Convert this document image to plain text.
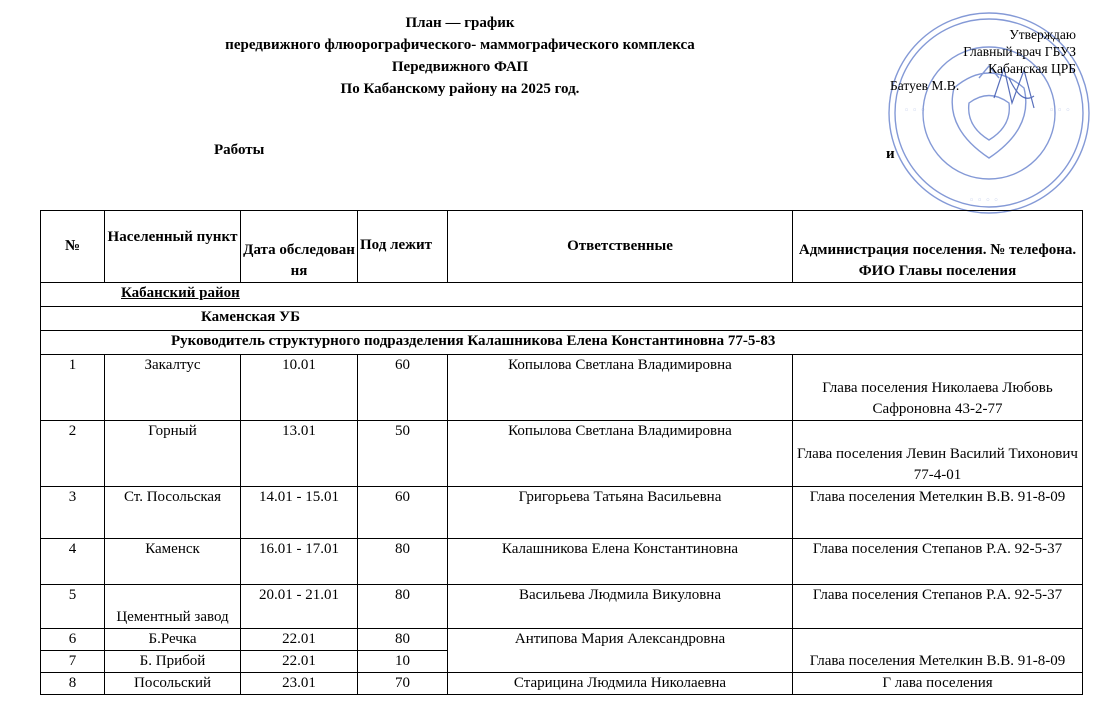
План — график
передвижного флюорографического- маммографического комплекса
Передвижного ФАП
По Кабанскому району на 2025 год.
Работы	и
◦ ◦ ◦	◦ ◦ ◦
◦ ◦ ◦ ◦
Утверждаю
Главный врач ГБУЗ
Кабанская ЦРБ
Батуев М.В.
№	Населенный пункт	Дата обследован ня	Под лежит	Ответственные	Администрация поселения. № телефона. ФИО Главы поселения
Кабанский район					
Каменская УБ					
Руководитель структурного подразделения Калашникова Елена Константиновна 77-5-83					
1	Закалтус	10.01	60	Копылова Светлана Владимировна	Глава поселения Николаева Любовь Сафроновна 43-2-77
2	Горный	13.01	50	Копылова Светлана Владимировна	Глава поселения Левин Василий Тихонович 77-4-01
3	Ст. Посольская	14.01 - 15.01	60	Григорьева Татьяна Васильевна	Глава поселения Метелкин В.В. 91-8-09
4	Каменск	16.01 - 17.01	80	Калашникова Елена Константиновна	Глава поселения Степанов Р.А. 92-5-37
5	Цементный завод	20.01 - 21.01	80	Васильева Людмила Викуловна	Глава поселения Степанов Р.А. 92-5-37
6	Б.Речка	22.01	80	Антипова Мария Александровна	Глава поселения Метелкин В.В. 91-8-09
7	Б. Прибой	22.01	10		
8	Посольский	23.01	70	Старицина Людмила Николаевна	Г лава поселения
